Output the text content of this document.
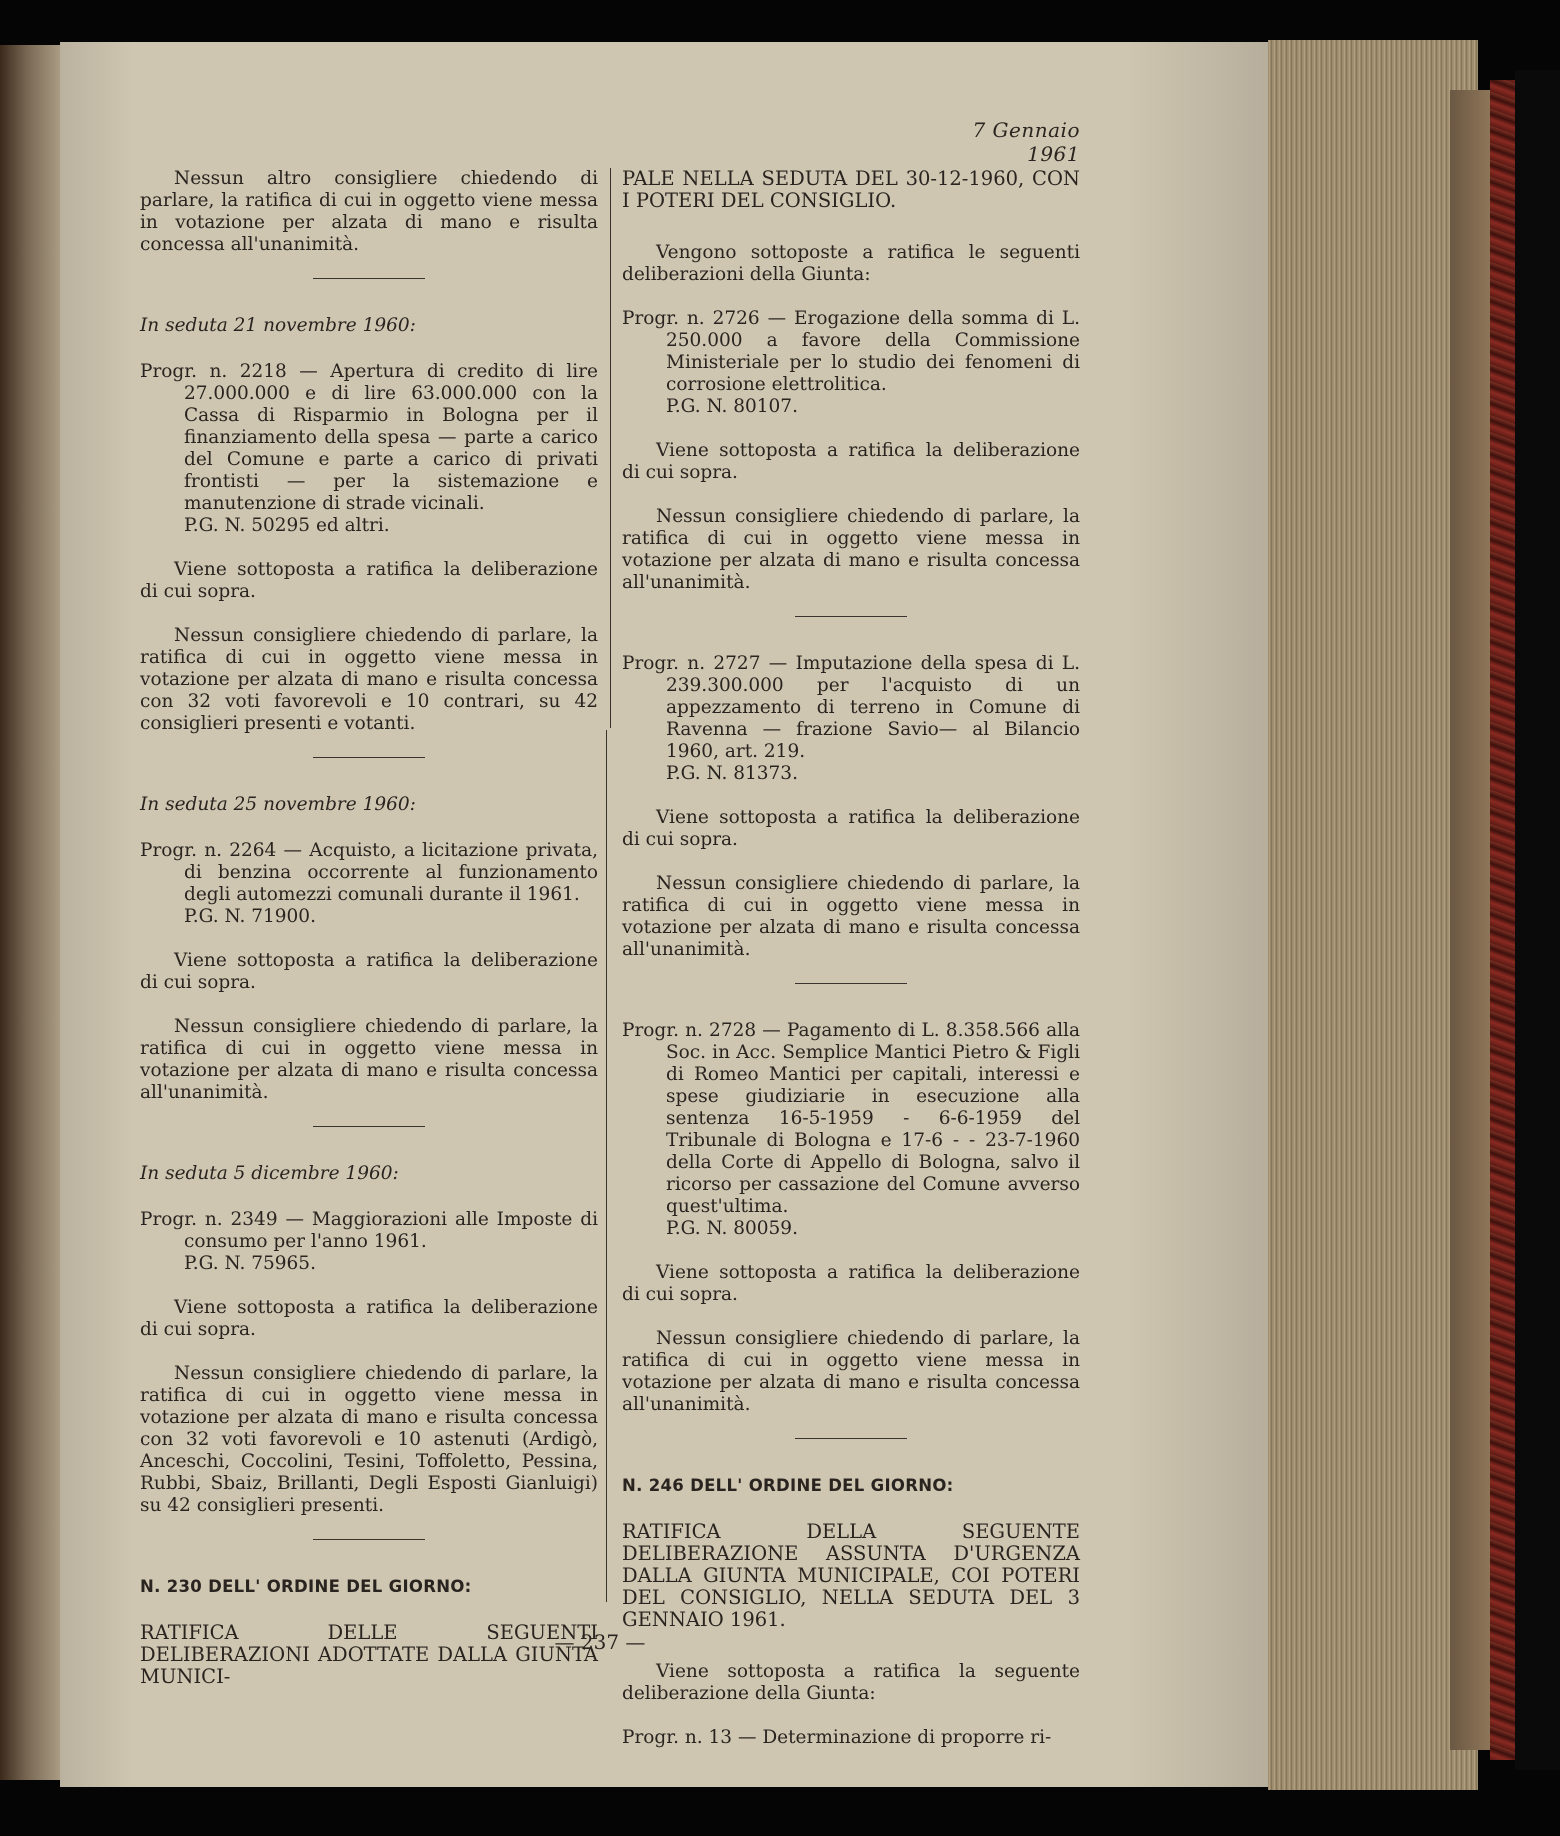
7 Gennaio 1961

Nessun altro consigliere chiedendo di parlare, la ratifica di cui in oggetto viene messa in votazione per alzata di mano e risulta concessa all'unanimità.

In seduta 21 novembre 1960:

Progr. n. 2218 — Apertura di credito di lire 27.000.000 e di lire 63.000.000 con la Cassa di Risparmio in Bologna per il finanziamento della spesa — parte a carico del Comune e parte a carico di privati frontisti — per la sistemazione e manutenzione di strade vicinali.

P.G. N. 50295 ed altri.

Viene sottoposta a ratifica la deliberazione di cui sopra.

Nessun consigliere chiedendo di parlare, la ratifica di cui in oggetto viene messa in votazione per alzata di mano e risulta concessa con 32 voti favorevoli e 10 contrari, su 42 consiglieri presenti e votanti.

In seduta 25 novembre 1960:

Progr. n. 2264 — Acquisto, a licitazione privata, di benzina occorrente al funzionamento degli automezzi comunali durante il 1961.

P.G. N. 71900.

Viene sottoposta a ratifica la deliberazione di cui sopra.

Nessun consigliere chiedendo di parlare, la ratifica di cui in oggetto viene messa in votazione per alzata di mano e risulta concessa all'unanimità.

In seduta 5 dicembre 1960:

Progr. n. 2349 — Maggiorazioni alle Imposte di consumo per l'anno 1961.

P.G. N. 75965.

Viene sottoposta a ratifica la deliberazione di cui sopra.

Nessun consigliere chiedendo di parlare, la ratifica di cui in oggetto viene messa in votazione per alzata di mano e risulta concessa con 32 voti favorevoli e 10 astenuti (Ardigò, Anceschi, Coccolini, Tesini, Toffoletto, Pessina, Rubbi, Sbaiz, Brillanti, Degli Esposti Gianluigi) su 42 consiglieri presenti.

N. 230 DELL' ORDINE DEL GIORNO:

RATIFICA DELLE SEGUENTI DELIBERAZIONI ADOTTATE DALLA GIUNTA MUNICI-

PALE NELLA SEDUTA DEL 30-12-1960, CON I POTERI DEL CONSIGLIO.

Vengono sottoposte a ratifica le seguenti deliberazioni della Giunta:

Progr. n. 2726 — Erogazione della somma di L. 250.000 a favore della Commissione Ministeriale per lo studio dei fenomeni di corrosione elettrolitica.

P.G. N. 80107.

Viene sottoposta a ratifica la deliberazione di cui sopra.

Nessun consigliere chiedendo di parlare, la ratifica di cui in oggetto viene messa in votazione per alzata di mano e risulta concessa all'unanimità.

Progr. n. 2727 — Imputazione della spesa di L. 239.300.000 per l'acquisto di un appezzamento di terreno in Comune di Ravenna — frazione Savio— al Bilancio 1960, art. 219.

P.G. N. 81373.

Viene sottoposta a ratifica la deliberazione di cui sopra.

Nessun consigliere chiedendo di parlare, la ratifica di cui in oggetto viene messa in votazione per alzata di mano e risulta concessa all'unanimità.

Progr. n. 2728 — Pagamento di L. 8.358.566 alla Soc. in Acc. Semplice Mantici Pietro & Figli di Romeo Mantici per capitali, interessi e spese giudiziarie in esecuzione alla sentenza 16-5-1959 - 6-6-1959 del Tribunale di Bologna e 17-6 - - 23-7-1960 della Corte di Appello di Bologna, salvo il ricorso per cassazione del Comune avverso quest'ultima.

P.G. N. 80059.

Viene sottoposta a ratifica la deliberazione di cui sopra.

Nessun consigliere chiedendo di parlare, la ratifica di cui in oggetto viene messa in votazione per alzata di mano e risulta concessa all'unanimità.

N. 246 DELL' ORDINE DEL GIORNO:

RATIFICA DELLA SEGUENTE DELIBERAZIONE ASSUNTA D'URGENZA DALLA GIUNTA MUNICIPALE, COI POTERI DEL CONSIGLIO, NELLA SEDUTA DEL 3 GENNAIO 1961.

Viene sottoposta a ratifica la seguente deliberazione della Giunta:

Progr. n. 13 — Determinazione di proporre ri-

— 237 —
